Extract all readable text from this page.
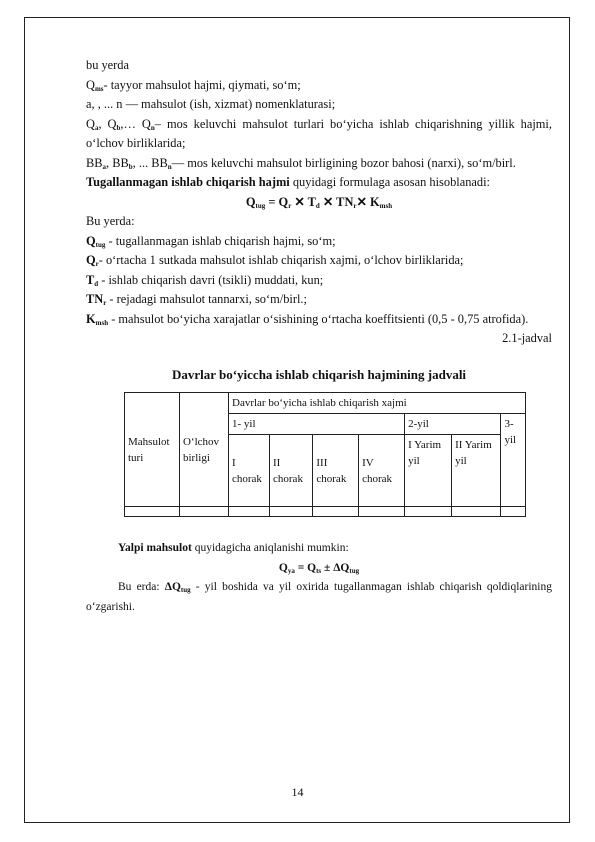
bu yerda

$Q_{ms}-$ tayyor mahsulot hajmi, qiymati, so‘m;

a, , ... n — mahsulot (ish, xizmat) nomenklaturasi;

$Q_a$, $Q_b,\dots$ $Q_n-$ mos keluvchi mahsulot turlari bo‘yicha ishlab chiqarishning yillik hajmi, o‘lchov birliklarida;

$BB_a$, $BB_b$, ... $BB_n—$ mos keluvchi mahsulot birligining bozor bahosi (narxi), so‘m/birl.

Tugallanmagan ishlab chiqarish hajmi quyidagi formulaga asosan hisoblanadi:

$Q_{tug} = Q_r$ ✕ $T_d$ ✕ $TN_r✕$ $K_{msh}$

Bu yerda:

$Q_{tug}$ - tugallanmagan ishlab chiqarish hajmi, so‘m;

$Q_r-$ o‘rtacha 1 sutkada mahsulot ishlab chiqarish xajmi, o‘lchov birliklarida;

$T_d$ - ishlab chiqarish davri (tsikli) muddati, kun;

$TN_r$ - rejadagi mahsulot tannarxi, so‘m/birl.;

$K_{msh}$ - mahsulot bo‘yicha xarajatlar o‘sishining o‘rtacha koeffitsienti (0,5 - 0,75 atrofida).

2.1-jadval

Davrlar bo‘yiccha ishlab chiqarish hajmining jadvali

Mahsulot turi	O‘lchov birligi	Davrlar bo‘yicha ishlab chiqarish xajmi						
		1- yil				2-yil		3-yil
		I chorak	II chorak	III chorak	IV chorak	I Yarim yil	II Yarim yil	

Yalpi mahsulot quyidagicha aniqlanishi mumkin:

$Q_{ya} = Q_{ts} \pm \Delta Q_{tug}$

Bu erda: $\Delta Q_{tug}$ - yil boshida va yil oxirida tugallanmagan ishlab chiqarish qoldiqlarining o‘zgarishi.

14
